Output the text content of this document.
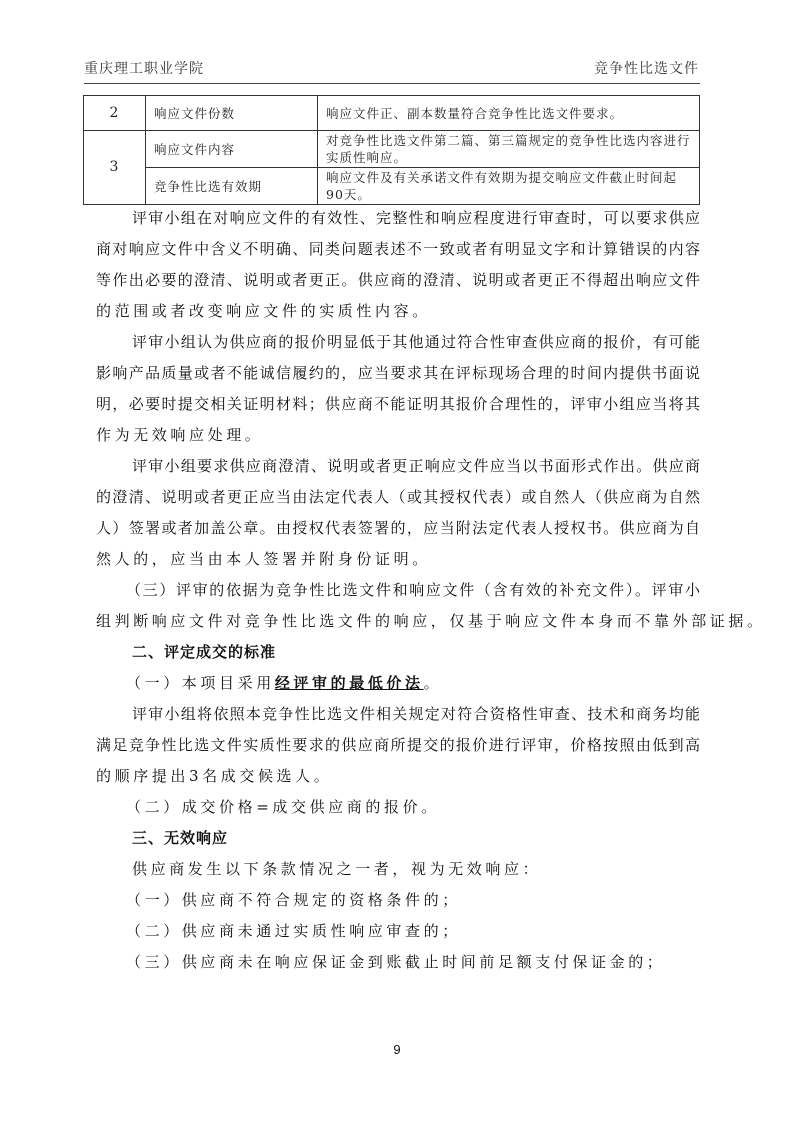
重庆理工职业学院	竞争性比选文件
2	响应文件份数	响应文件正、副本数量符合竞争性比选文件要求。
3	响应文件内容	对竞争性比选文件第二篇、第三篇规定的竞争性比选内容进行实质性响应。
	竞争性比选有效期	响应文件及有关承诺文件有效期为提交响应文件截止时间起90天。
评审小组在对响应文件的有效性、完整性和响应程度进行审查时，可以要求供应
商对响应文件中含义不明确、同类问题表述不一致或者有明显文字和计算错误的内容
等作出必要的澄清、说明或者更正。供应商的澄清、说明或者更正不得超出响应文件
的范围或者改变响应文件的实质性内容。
评审小组认为供应商的报价明显低于其他通过符合性审查供应商的报价，有可能
影响产品质量或者不能诚信履约的，应当要求其在评标现场合理的时间内提供书面说
明，必要时提交相关证明材料；供应商不能证明其报价合理性的，评审小组应当将其
作为无效响应处理。
评审小组要求供应商澄清、说明或者更正响应文件应当以书面形式作出。供应商
的澄清、说明或者更正应当由法定代表人（或其授权代表）或自然人（供应商为自然
人）签署或者加盖公章。由授权代表签署的，应当附法定代表人授权书。供应商为自
然人的，应当由本人签署并附身份证明。
（三）评审的依据为竞争性比选文件和响应文件（含有效的补充文件）。评审小
组判断响应文件对竞争性比选文件的响应，仅基于响应文件本身而不靠外部证据。
二、评定成交的标准
（一）本项目采用经评审的最低价法。
评审小组将依照本竞争性比选文件相关规定对符合资格性审查、技术和商务均能
满足竞争性比选文件实质性要求的供应商所提交的报价进行评审，价格按照由低到高
的顺序提出3名成交候选人。
（二）成交价格=成交供应商的报价。
三、无效响应
供应商发生以下条款情况之一者，视为无效响应：
（一）供应商不符合规定的资格条件的；
（二）供应商未通过实质性响应审查的；
（三）供应商未在响应保证金到账截止时间前足额支付保证金的；
9
